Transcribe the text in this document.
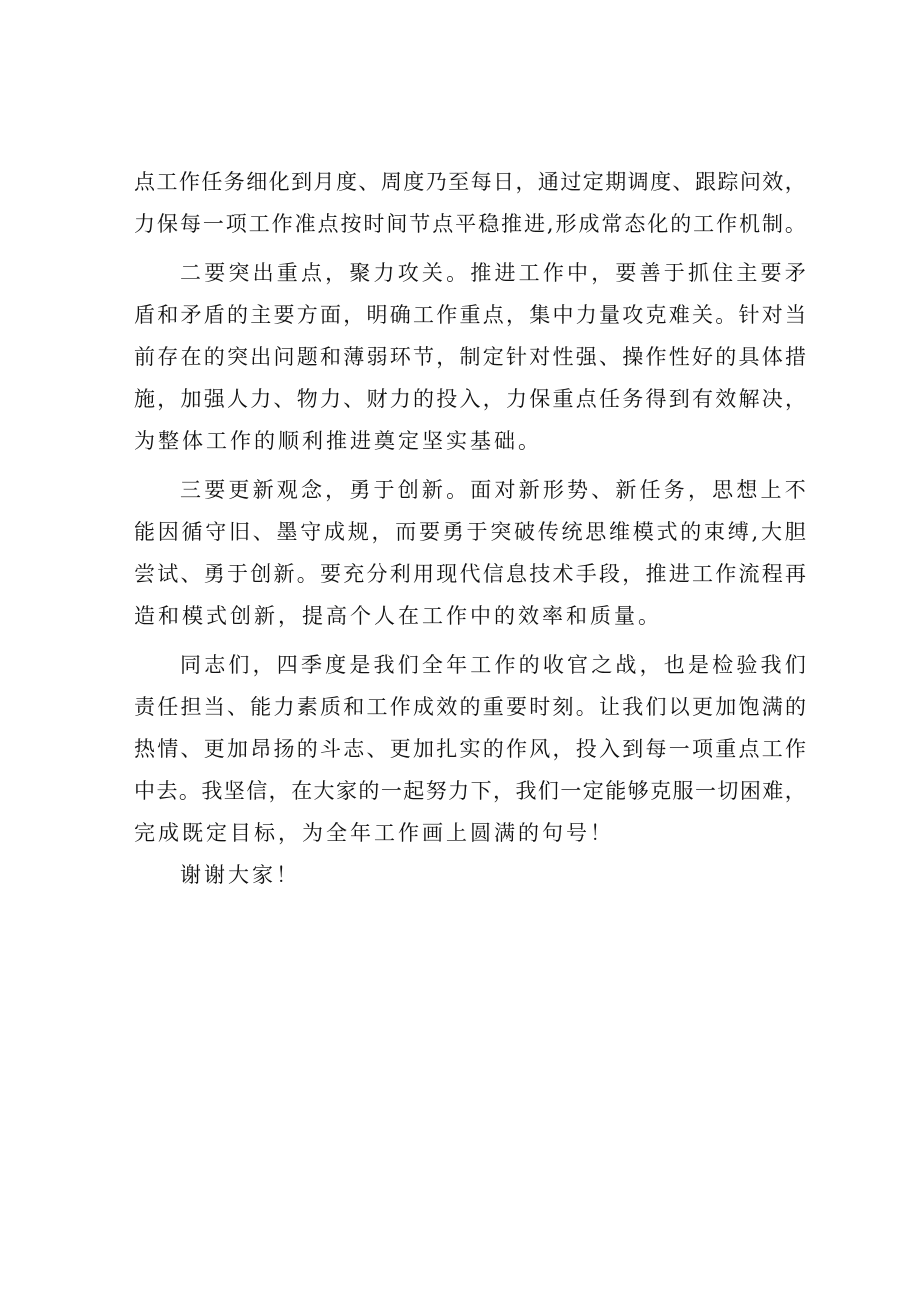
点 工 作 任 务 细 化 到 月 度 、 周 度 乃 至 每 日 ， 通 过 定 期 调 度 、 跟 踪 问 效 ，
力 保 每 一 项 工 作 准 点 按 时 间 节 点 平 稳 推 进 , 形 成 常 态 化 的 工 作 机 制 。
二 要 突 出 重 点 ， 聚 力 攻 关 。 推 进 工 作 中 ， 要 善 于 抓 住 主 要 矛
盾 和 矛 盾 的 主 要 方 面 ， 明 确 工 作 重 点 ， 集 中 力 量 攻 克 难 关 。 针 对 当
前 存 在 的 突 出 问 题 和 薄 弱 环 节 ， 制 定 针 对 性 强 、 操 作 性 好 的 具 体 措
施 ， 加 强 人 力 、 物 力 、 财 力 的 投 入 ， 力 保 重 点 任 务 得 到 有 效 解 决 ，
为整体工作的顺利推进奠定坚实基础。
三 要 更 新 观 念 ， 勇 于 创 新 。 面 对 新 形 势 、 新 任 务 ， 思 想 上 不
能 因 循 守 旧 、 墨 守 成 规 ， 而 要 勇 于 突 破 传 统 思 维 模 式 的 束 缚 , 大 胆
尝 试 、 勇 于 创 新 。 要 充 分 利 用 现 代 信 息 技 术 手 段 ， 推 进 工 作 流 程 再
造和模式创新，提高个人在工作中的效率和质量。
同 志 们 ， 四 季 度 是 我 们 全 年 工 作 的 收 官 之 战 ， 也 是 检 验 我 们
责 任 担 当 、 能 力 素 质 和 工 作 成 效 的 重 要 时 刻 。 让 我 们 以 更 加 饱 满 的
热 情 、 更 加 昂 扬 的 斗 志 、 更 加 扎 实 的 作 风 ， 投 入 到 每 一 项 重 点 工 作
中 去 。 我 坚 信 ， 在 大 家 的 一 起 努 力 下 ， 我 们 一 定 能 够 克 服 一 切 困 难 ，
完成既定目标，为全年工作画上圆满的句号！
谢谢大家！
